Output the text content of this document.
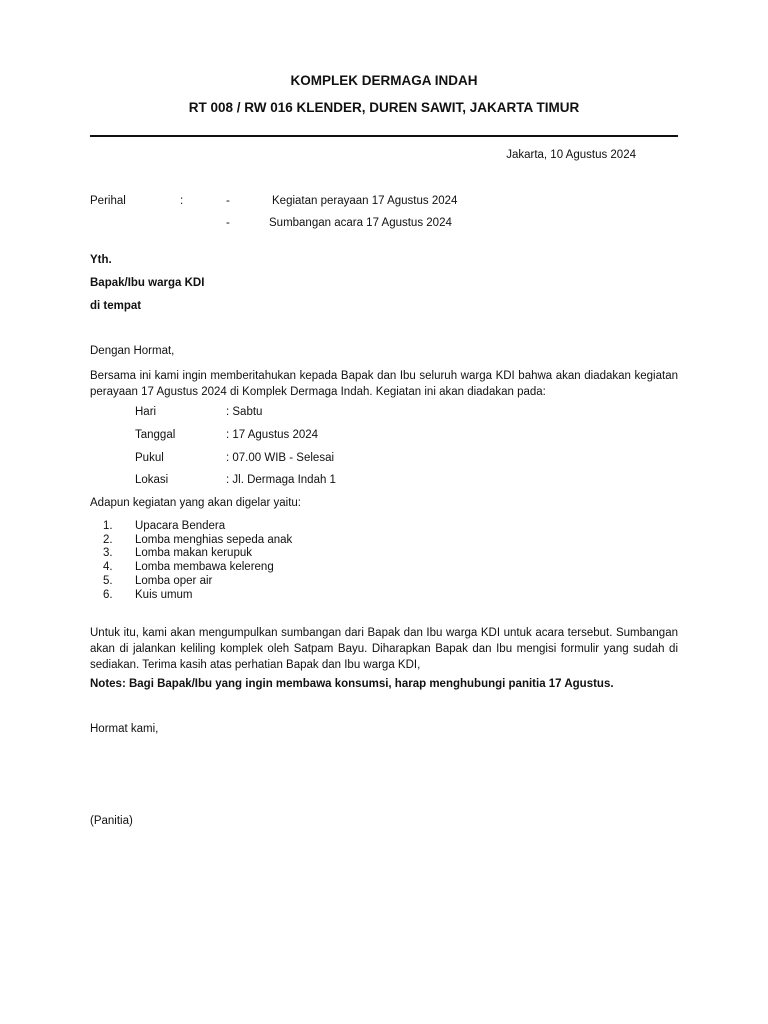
KOMPLEK DERMAGA INDAH
RT 008 / RW 016 KLENDER, DUREN SAWIT, JAKARTA TIMUR
Jakarta, 10 Agustus 2024
Perihal	:	-	Kegiatan perayaan 17 Agustus 2024
-	Sumbangan acara 17 Agustus 2024
Yth.
Bapak/Ibu warga KDI
di tempat
Dengan Hormat,
Bersama ini kami ingin memberitahukan kepada Bapak dan Ibu seluruh warga KDI bahwa akan diadakan kegiatan perayaan 17 Agustus 2024 di Komplek Dermaga Indah. Kegiatan ini akan diadakan pada:
Hari	: Sabtu
Tanggal	: 17 Agustus 2024
Pukul	: 07.00 WIB - Selesai
Lokasi	: Jl. Dermaga Indah 1
Adapun kegiatan yang akan digelar yaitu:
1. Upacara Bendera
2. Lomba menghias sepeda anak
3. Lomba makan kerupuk
4. Lomba membawa kelereng
5. Lomba oper air
6. Kuis umum
Untuk itu, kami akan mengumpulkan sumbangan dari Bapak dan Ibu warga KDI untuk acara tersebut. Sumbangan akan di jalankan keliling komplek oleh Satpam Bayu. Diharapkan Bapak dan Ibu mengisi formulir yang sudah di sediakan. Terima kasih atas perhatian Bapak dan Ibu warga KDI,
Notes: Bagi Bapak/Ibu yang ingin membawa konsumsi, harap menghubungi panitia 17 Agustus.
Hormat kami,
(Panitia)
